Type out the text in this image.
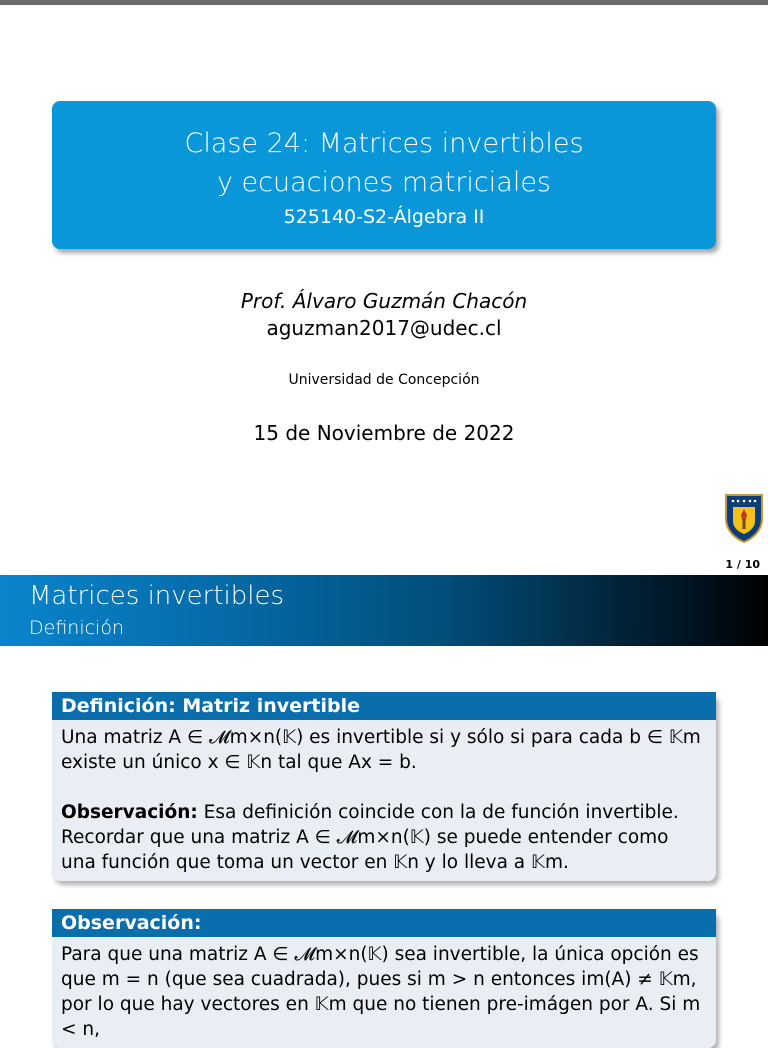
Clase 24: Matrices invertibles
y ecuaciones matriciales
525140-S2-Álgebra II
Prof. Álvaro Guzmán Chacón
aguzman2017@udec.cl
Universidad de Concepción
15 de Noviembre de 2022
1 / 10
Matrices invertibles
Definición
Definición: Matriz invertible

Una matriz A ∈ 𝓜m×n(𝕂) es invertible si y sólo si para cada b ∈ 𝕂m existe un único x ∈ 𝕂n tal que Ax = b.

Observación: Esa definición coincide con la de función invertible. Recordar que una matriz A ∈ 𝓜m×n(𝕂) se puede entender como una función que toma un vector en 𝕂n y lo lleva a 𝕂m.

Observación:

Para que una matriz A ∈ 𝓜m×n(𝕂) sea invertible, la única opción es que m = n (que sea cuadrada), pues si m > n entonces im(A) ≠ 𝕂m, por lo que hay vectores en 𝕂m que no tienen pre-imágen por A. Si m < n,
